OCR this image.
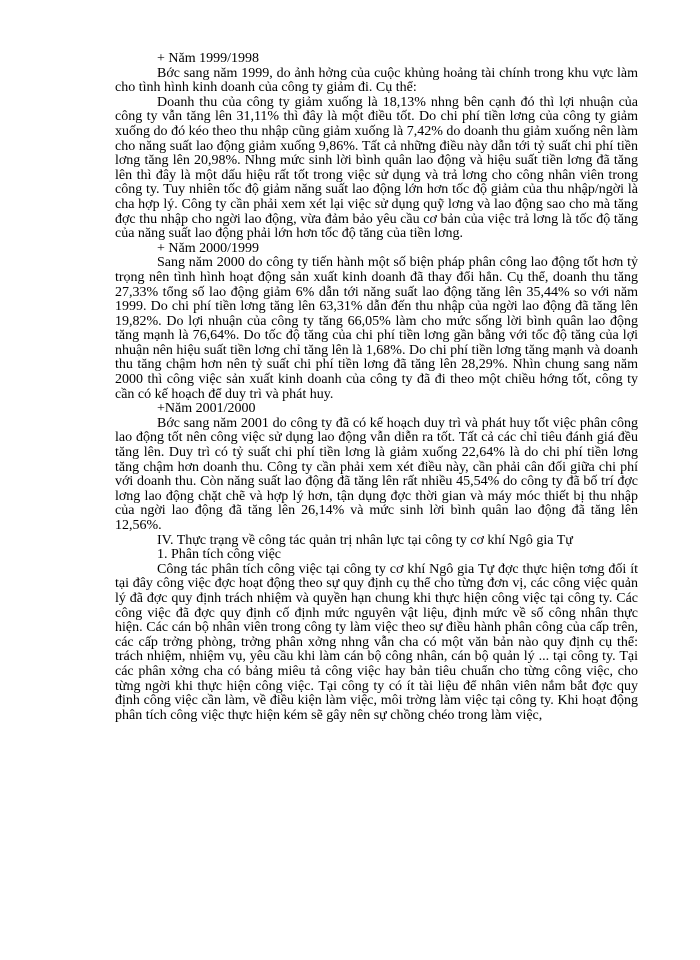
+ Năm 1999/1998

Bớc sang năm 1999, do ảnh hởng của cuộc khủng hoảng tài chính trong khu vực làm cho tình hình kinh doanh của công ty giảm đi. Cụ thể:

Doanh thu của công ty giảm xuống là 18,13% nhng bên cạnh đó thì lợi nhuận của công ty vẫn tăng lên 31,11% thì đây là một điều tốt. Do chi phí tiền lơng của công ty giảm xuống do đó kéo theo thu nhập cũng giảm xuống là 7,42% do doanh thu giảm xuống nên làm cho năng suất lao động giảm xuống 9,86%. Tất cả những điều này dẫn tới tỷ suất chi phí tiền lơng tăng lên 20,98%. Nhng mức sinh lời bình quân lao động và hiệu suất tiền lơng đã tăng lên thì đây là một dấu hiệu rất tốt trong việc sử dụng và trả lơng cho công nhân viên trong công ty. Tuy nhiên tốc độ giảm năng suất lao động lớn hơn tốc độ giảm của thu nhập/ngời là cha hợp lý. Công ty cần phải xem xét lại việc sử dụng quỹ lơng và lao động sao cho mà tăng đợc thu nhập cho ngời lao động, vừa đảm bảo yêu cầu cơ bản của việc trả lơng là tốc độ tăng của năng suất lao động phải lớn hơn tốc độ tăng của tiền lơng.

+ Năm 2000/1999

Sang năm 2000 do công ty tiến hành một số biện pháp phân công lao động tốt hơn tỷ trọng nên tình hình hoạt động sản xuất kinh doanh đã thay đổi hẳn. Cụ thể, doanh thu tăng 27,33% tổng số lao động giảm 6% dẫn tới năng suất lao động tăng lên 35,44% so với năm 1999. Do chi phí tiền lơng tăng lên 63,31% dẫn đến thu nhập của ngời lao động đã tăng lên 19,82%. Do lợi nhuận của công ty tăng 66,05% làm cho mức sống lời bình quân lao động tăng mạnh là 76,64%. Do tốc độ tăng của chi phí tiền lơng gần bằng với tốc độ tăng của lợi nhuận nên hiệu suất tiền lơng chỉ tăng lên là 1,68%. Do chi phí tiền lơng tăng mạnh và doanh thu tăng chậm hơn nên tỷ suất chi phí tiền lơng đã tăng lên 28,29%. Nhìn chung sang năm 2000 thì công việc sản xuất kinh doanh của công ty đã đi theo một chiều hớng tốt, công ty cần có kế hoạch để duy trì và phát huy.

+Năm 2001/2000

Bớc sang năm 2001 do công ty đã có kế hoạch duy trì và phát huy tốt việc phân công lao động tốt nên công việc sử dụng lao động vẫn diễn ra tốt. Tất cả các chỉ tiêu đánh giá đều tăng lên. Duy trì có tỷ suất chi phí tiền lơng là giảm xuống 22,64% là do chi phí tiền lơng tăng chậm hơn doanh thu. Công ty cần phải xem xét điều này, cần phải cân đối giữa chi phí với doanh thu. Còn năng suất lao động đã tăng lên rất nhiều 45,54% do công ty đã bố trí đợc lơng lao động chặt chẽ và hợp lý hơn, tận dụng đợc thời gian và máy móc thiết bị thu nhập của ngời lao động đã tăng lên 26,14% và mức sinh lời bình quân lao động đã tăng lên 12,56%.

IV. Thực trạng về công tác quản trị nhân lực tại công ty cơ khí Ngô gia Tự

1. Phân tích công việc

Công tác phân tích công việc tại công ty cơ khí Ngô gia Tự đợc thực hiện tơng đối ít tại đây công việc đợc hoạt động theo sự quy định cụ thể cho từng đơn vị, các công việc quản lý đã đợc quy định trách nhiệm và quyền hạn chung khi thực hiện công việc tại công ty. Các công việc đã đợc quy định cố định mức nguyên vật liệu, định mức về số công nhân thực hiện. Các cán bộ nhân viên trong công ty làm việc theo sự điều hành phân công của cấp trên, các cấp trởng phòng, trởng phân xởng nhng vẫn cha có một văn bản nào quy định cụ thể: trách nhiệm, nhiệm vụ, yêu cầu khi làm cán bộ công nhân, cán bộ quản lý ... tại công ty. Tại các phân xởng cha có bảng miêu tả công việc hay bản tiêu chuẩn cho từng công việc, cho từng ngời khi thực hiện công việc. Tại công ty có ít tài liệu để nhân viên nắm bắt đợc quy định công việc cần làm, về điều kiện làm việc, môi trờng làm việc tại công ty. Khi hoạt động phân tích công việc thực hiện kém sẽ gây nên sự chồng chéo trong làm việc,
